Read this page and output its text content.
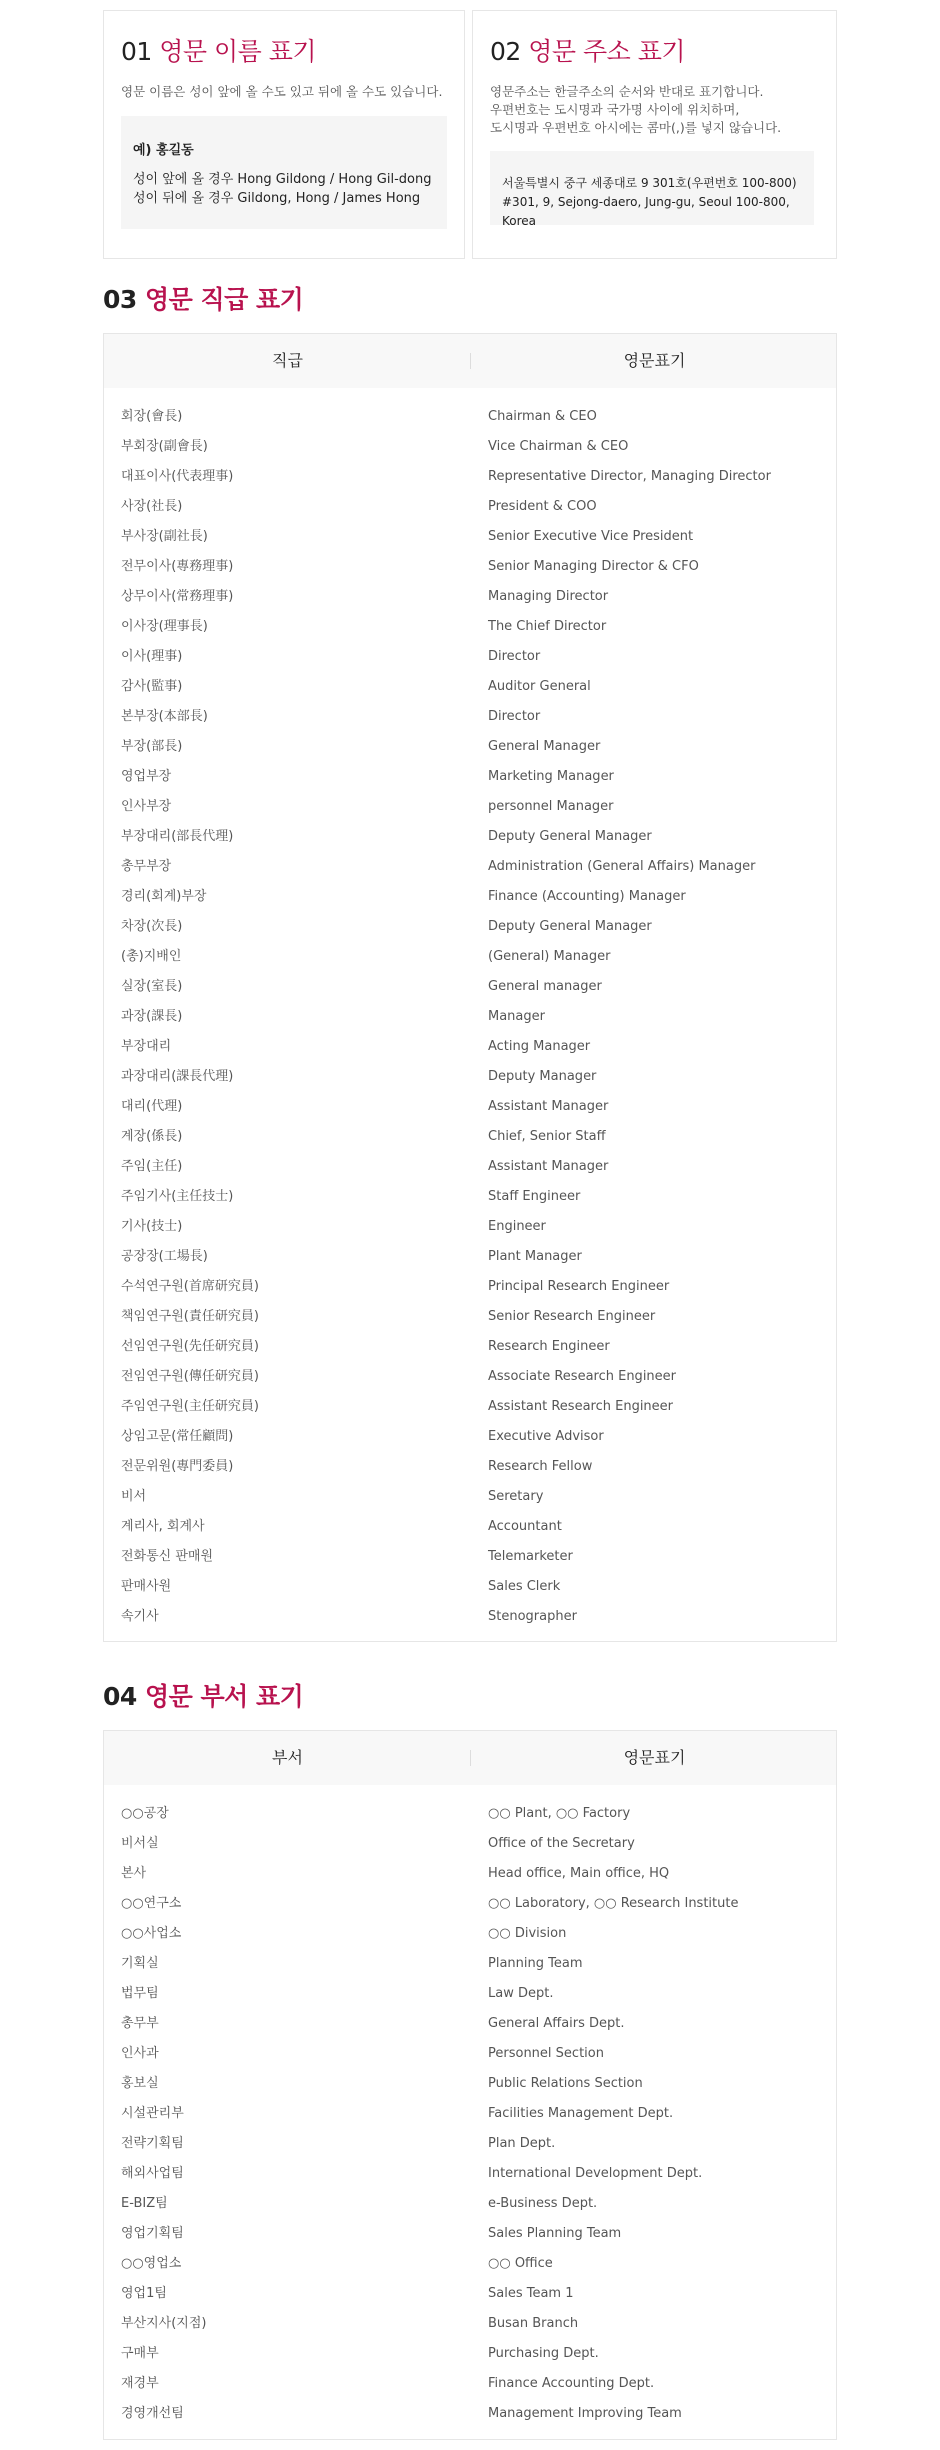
01 영문 이름 표기

영문 이름은 성이 앞에 올 수도 있고 뒤에 올 수도 있습니다.

예) 홍길동
성이 앞에 올 경우 Hong Gildong / Hong Gil-dong
성이 뒤에 올 경우 Gildong, Hong / James Hong
02 영문 주소 표기

영문주소는 한글주소의 순서와 반대로 표기합니다.
우편번호는 도시명과 국가명 사이에 위치하며,
도시명과 우편번호 아시에는 콤마(,)를 넣지 않습니다.

서울특별시 중구 세종대로 9 301호(우편번호 100-800)
#301, 9, Sejong-daero, Jung-gu, Seoul 100-800, Korea
03 영문 직급 표기
직급	영문표기
회장(會長)	Chairman & CEO
부회장(副會長)	Vice Chairman & CEO
대표이사(代表理事)	Representative Director, Managing Director
사장(社長)	President & COO
부사장(副社長)	Senior Executive Vice President
전무이사(專務理事)	Senior Managing Director & CFO
상무이사(常務理事)	Managing Director
이사장(理事長)	The Chief Director
이사(理事)	Director
감사(監事)	Auditor General
본부장(本部長)	Director
부장(部長)	General Manager
영업부장	Marketing Manager
인사부장	personnel Manager
부장대리(部長代理)	Deputy General Manager
총무부장	Administration (General Affairs) Manager
경리(회계)부장	Finance (Accounting) Manager
차장(次長)	Deputy General Manager
(총)지배인	(General) Manager
실장(室長)	General manager
과장(課長)	Manager
부장대리	Acting Manager
과장대리(課長代理)	Deputy Manager
대리(代理)	Assistant Manager
계장(係長)	Chief, Senior Staff
주임(主任)	Assistant Manager
주임기사(主任技士)	Staff Engineer
기사(技士)	Engineer
공장장(工場長)	Plant Manager
수석연구원(首席研究員)	Principal Research Engineer
책임연구원(責任研究員)	Senior Research Engineer
선임연구원(先任研究員)	Research Engineer
전임연구원(傳任研究員)	Associate Research Engineer
주임연구원(主任研究員)	Assistant Research Engineer
상임고문(常任顧問)	Executive Advisor
전문위원(專門委員)	Research Fellow
비서	Seretary
계리사, 회계사	Accountant
전화통신 판매원	Telemarketer
판매사원	Sales Clerk
속기사	Stenographer
04 영문 부서 표기
부서	영문표기
○○공장	○○ Plant, ○○ Factory
비서실	Office of the Secretary
본사	Head office, Main office, HQ
○○연구소	○○ Laboratory, ○○ Research Institute
○○사업소	○○ Division
기획실	Planning Team
법무팀	Law Dept.
총무부	General Affairs Dept.
인사과	Personnel Section
홍보실	Public Relations Section
시설관리부	Facilities Management Dept.
전략기획팀	Plan Dept.
해외사업팀	International Development Dept.
E-BIZ팀	e-Business Dept.
영업기획팀	Sales Planning Team
○○영업소	○○ Office
영업1팀	Sales Team 1
부산지사(지점)	Busan Branch
구매부	Purchasing Dept.
재경부	Finance Accounting Dept.
경영개선팀	Management Improving Team
